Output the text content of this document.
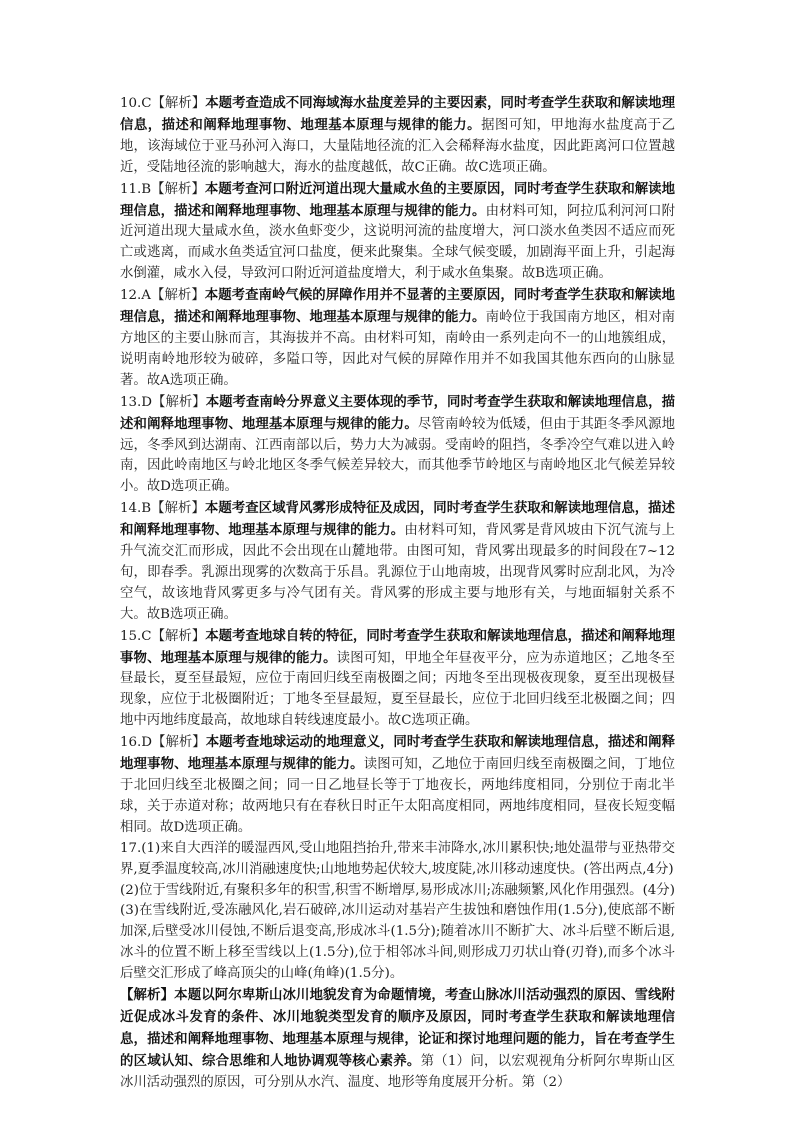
10.C【解析】本题考查造成不同海域海水盐度差异的主要因素，同时考查学生获取和解读地理信息，描述和阐释地理事物、地理基本原理与规律的能力。据图可知，甲地海水盐度高于乙地，该海域位于亚马孙河入海口，大量陆地径流的汇入会稀释海水盐度，因此距离河口位置越近，受陆地径流的影响越大，海水的盐度越低，故C正确。故C选项正确。

11.B【解析】本题考查河口附近河道出现大量咸水鱼的主要原因，同时考查学生获取和解读地理信息，描述和阐释地理事物、地理基本原理与规律的能力。由材料可知，阿拉瓜利河河口附近河道出现大量咸水鱼，淡水鱼虾变少，这说明河流的盐度增大，河口淡水鱼类因不适应而死亡或逃离，而咸水鱼类适宜河口盐度，便来此聚集。全球气候变暖，加剧海平面上升，引起海水倒灌，咸水入侵，导致河口附近河道盐度增大，利于咸水鱼集聚。故B选项正确。

12.A【解析】本题考查南岭气候的屏障作用并不显著的主要原因，同时考查学生获取和解读地理信息，描述和阐释地理事物、地理基本原理与规律的能力。南岭位于我国南方地区，相对南方地区的主要山脉而言，其海拔并不高。由材料可知，南岭由一系列走向不一的山地簇组成，说明南岭地形较为破碎，多隘口等，因此对气候的屏障作用并不如我国其他东西向的山脉显著。故A选项正确。

13.D【解析】本题考查南岭分界意义主要体现的季节，同时考查学生获取和解读地理信息，描述和阐释地理事物、地理基本原理与规律的能力。尽管南岭较为低矮，但由于其距冬季风源地远，冬季风到达湖南、江西南部以后，势力大为减弱。受南岭的阻挡，冬季冷空气难以进入岭南，因此岭南地区与岭北地区冬季气候差异较大，而其他季节岭地区与南岭地区北气候差异较小。故D选项正确。

14.B【解析】本题考查区域背风雾形成特征及成因，同时考查学生获取和解读地理信息，描述和阐释地理事物、地理基本原理与规律的能力。由材料可知，背风雾是背风坡由下沉气流与上升气流交汇而形成，因此不会出现在山麓地带。由图可知，背风雾出现最多的时间段在7~12旬，即春季。乳源出现雾的次数高于乐昌。乳源位于山地南坡，出现背风雾时应刮北风，为冷空气，故该地背风雾更多与冷气团有关。背风雾的形成主要与地形有关，与地面辐射关系不大。故B选项正确。

15.C【解析】本题考查地球自转的特征，同时考查学生获取和解读地理信息，描述和阐释地理事物、地理基本原理与规律的能力。读图可知，甲地全年昼夜平分，应为赤道地区；乙地冬至昼最长，夏至昼最短，应位于南回归线至南极圈之间；丙地冬至出现极夜现象，夏至出现极昼现象，应位于北极圈附近；丁地冬至昼最短，夏至昼最长，应位于北回归线至北极圈之间；四地中丙地纬度最高，故地球自转线速度最小。故C选项正确。

16.D【解析】本题考查地球运动的地理意义，同时考查学生获取和解读地理信息，描述和阐释地理事物、地理基本原理与规律的能力。读图可知，乙地位于南回归线至南极圈之间，丁地位于北回归线至北极圈之间；同一日乙地昼长等于丁地夜长，两地纬度相同，分别位于南北半球，关于赤道对称；故两地只有在春秋日时正午太阳高度相同，两地纬度相同，昼夜长短变幅相同。故D选项正确。

17.(1)来自大西洋的暖湿西风,受山地阻挡抬升,带来丰沛降水,冰川累积快;地处温带与亚热带交界,夏季温度较高,冰川消融速度快;山地地势起伏较大,坡度陡,冰川移动速度快。(答出两点,4分)

(2)位于雪线附近,有聚积多年的积雪,积雪不断增厚,易形成冰川;冻融频繁,风化作用强烈。(4分)

(3)在雪线附近,受冻融风化,岩石破碎,冰川运动对基岩产生拔蚀和磨蚀作用(1.5分),使底部不断加深,后壁受冰川侵蚀,不断后退变高,形成冰斗(1.5分);随着冰川不断扩大、冰斗后壁不断后退,冰斗的位置不断上移至雪线以上(1.5分),位于相邻冰斗间,则形成刀刃状山脊(刃脊),而多个冰斗后壁交汇形成了峰高顶尖的山峰(角峰)(1.5分)。

【解析】本题以阿尔卑斯山冰川地貌发育为命题情境，考查山脉冰川活动强烈的原因、雪线附近促成冰斗发育的条件、冰川地貌类型发育的顺序及原因，同时考查学生获取和解读地理信息，描述和阐释地理事物、地理基本原理与规律，论证和探讨地理问题的能力，旨在考查学生的区域认知、综合思维和人地协调观等核心素养。第（1）问，以宏观视角分析阿尔卑斯山区冰川活动强烈的原因，可分别从水汽、温度、地形等角度展开分析。第（2）
